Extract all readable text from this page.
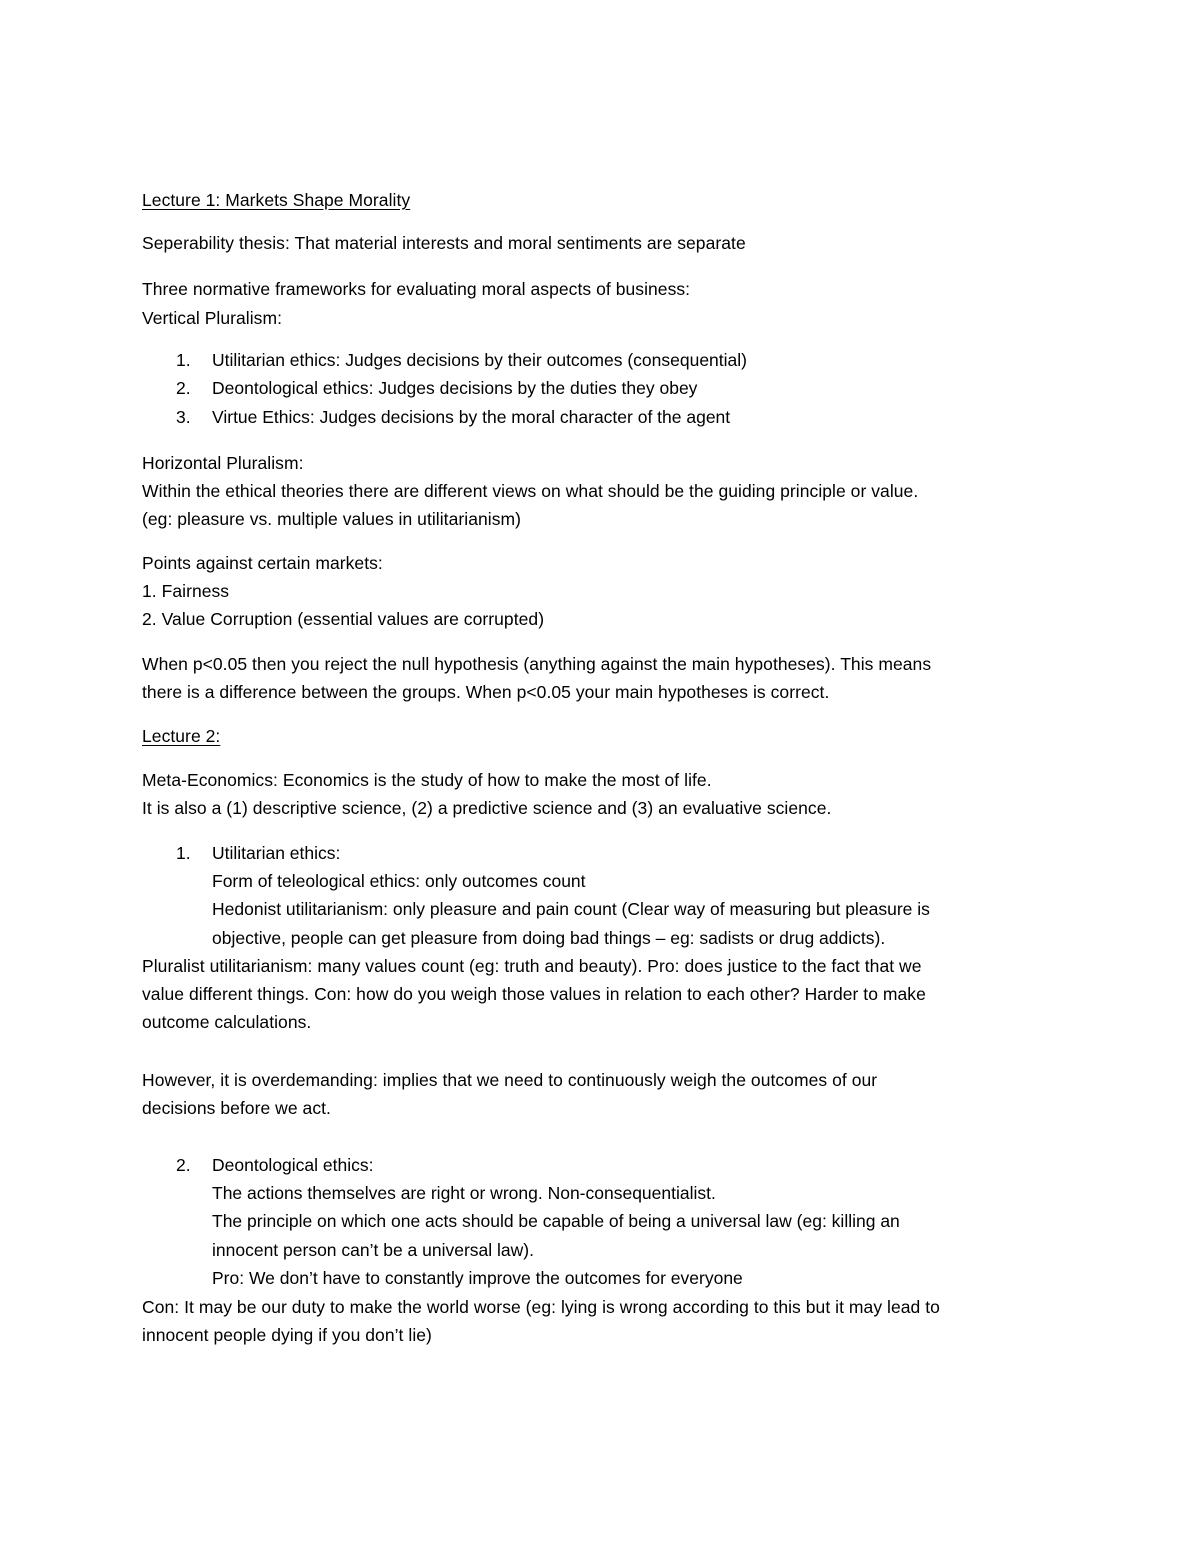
Lecture 1: Markets Shape Morality
Seperability thesis: That material interests and moral sentiments are separate
Three normative frameworks for evaluating moral aspects of business:
Vertical Pluralism:
1. Utilitarian ethics: Judges decisions by their outcomes (consequential)
2. Deontological ethics: Judges decisions by the duties they obey
3. Virtue Ethics: Judges decisions by the moral character of the agent
Horizontal Pluralism:
Within the ethical theories there are different views on what should be the guiding principle or value.
(eg: pleasure vs. multiple values in utilitarianism)
Points against certain markets:
1. Fairness
2. Value Corruption (essential values are corrupted)
When p<0.05 then you reject the null hypothesis (anything against the main hypotheses). This means
there is a difference between the groups. When p<0.05 your main hypotheses is correct.
Lecture 2:
Meta-Economics: Economics is the study of how to make the most of life.
It is also a (1) descriptive science, (2) a predictive science and (3) an evaluative science.
1. Utilitarian ethics:
Form of teleological ethics: only outcomes count
Hedonist utilitarianism: only pleasure and pain count (Clear way of measuring but pleasure is
objective, people can get pleasure from doing bad things – eg: sadists or drug addicts).
Pluralist utilitarianism: many values count (eg: truth and beauty). Pro: does justice to the fact that we
value different things. Con: how do you weigh those values in relation to each other? Harder to make
outcome calculations.
However, it is overdemanding: implies that we need to continuously weigh the outcomes of our
decisions before we act.
2. Deontological ethics:
The actions themselves are right or wrong. Non-consequentialist.
The principle on which one acts should be capable of being a universal law (eg: killing an
innocent person can’t be a universal law).
Pro: We don’t have to constantly improve the outcomes for everyone
Con: It may be our duty to make the world worse (eg: lying is wrong according to this but it may lead to
innocent people dying if you don’t lie)
